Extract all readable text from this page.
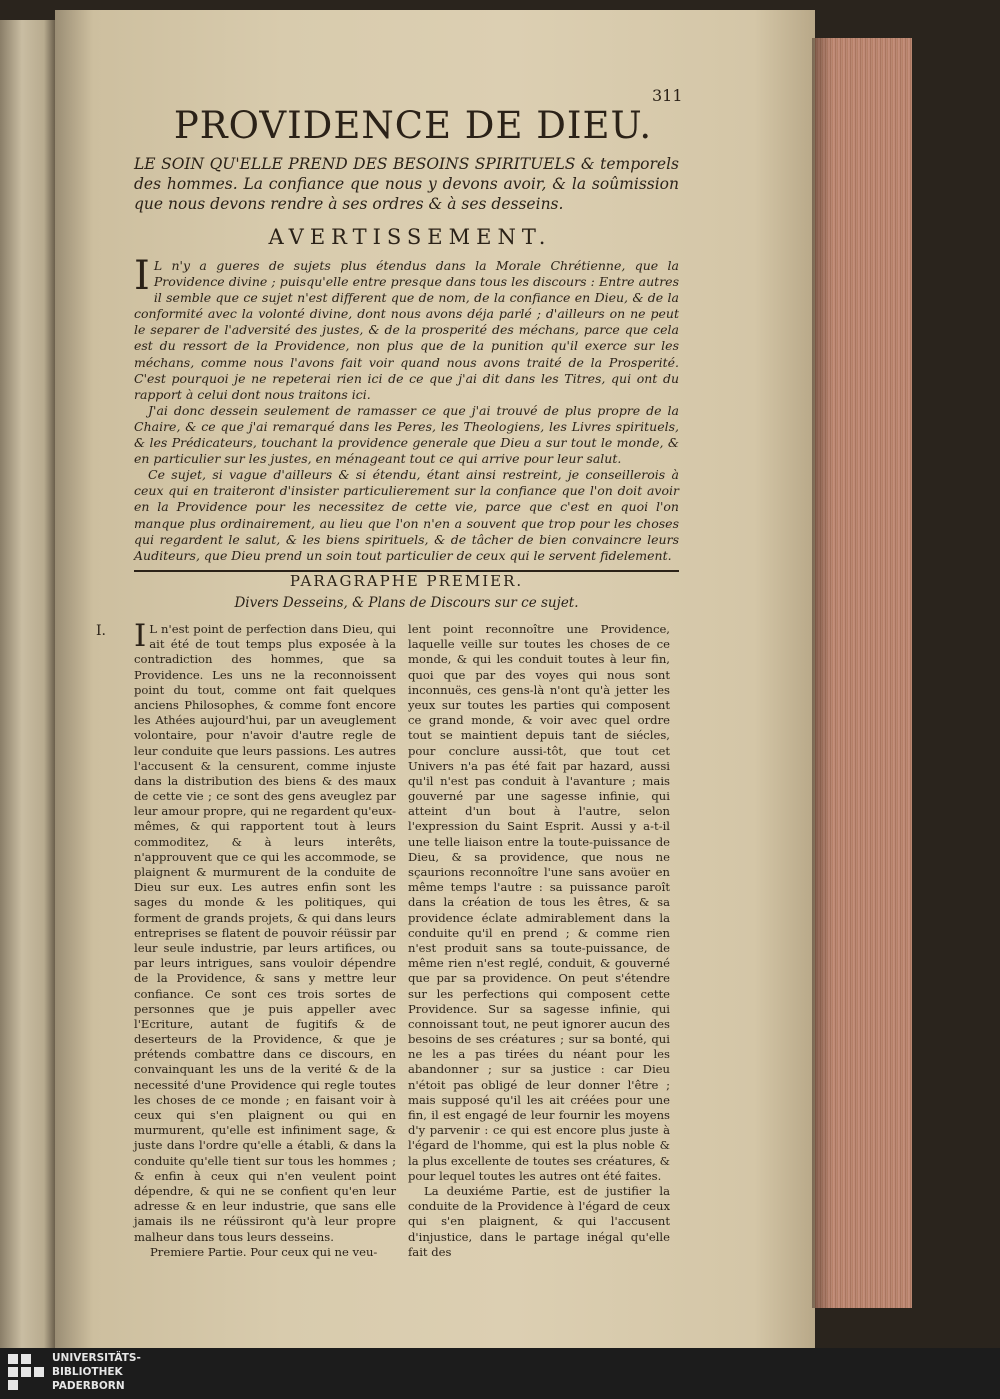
311
PROVIDENCE DE DIEU.
LE SOIN QU'ELLE PREND DES BESOINS SPIRITUELS & temporels des hommes. La confiance que nous y devons avoir, & la soûmission que nous devons rendre à ses ordres & à ses desseins.
AVERTISSEMENT.

I L n'y a gueres de sujets plus étendus dans la Morale Chrétienne, que la Providence divine ; puisqu'elle entre presque dans tous les discours : Entre autres il semble que ce sujet n'est different que de nom, de la confiance en Dieu, & de la conformité avec la volonté divine, dont nous avons déja parlé ; d'ailleurs on ne peut le separer de l'adversité des justes, & de la prosperité des méchans, parce que cela est du ressort de la Providence, non plus que de la punition qu'il exerce sur les méchans, comme nous l'avons fait voir quand nous avons traité de la Prosperité. C'est pourquoi je ne repeterai rien ici de ce que j'ai dit dans les Titres, qui ont du rapport à celui dont nous traitons ici.

J'ai donc dessein seulement de ramasser ce que j'ai trouvé de plus propre de la Chaire, & ce que j'ai remarqué dans les Peres, les Theologiens, les Livres spirituels, & les Prédicateurs, touchant la providence generale que Dieu a sur tout le monde, & en particulier sur les justes, en ménageant tout ce qui arrive pour leur salut.

Ce sujet, si vague d'ailleurs & si étendu, étant ainsi restreint, je conseillerois à ceux qui en traiteront d'insister particulierement sur la confiance que l'on doit avoir en la Providence pour les necessitez de cette vie, parce que c'est en quoi l'on manque plus ordinairement, au lieu que l'on n'en a souvent que trop pour les choses qui regardent le salut, & les biens spirituels, & de tâcher de bien convaincre leurs Auditeurs, que Dieu prend un soin tout particulier de ceux qui le servent fidelement.

PARAGRAPHE PREMIER.
Divers Desseins, & Plans de Discours sur ce sujet.
I. I L n'est point de perfection dans Dieu, qui ait été de tout temps plus exposée à la contradiction des hommes, que sa Providence. Les uns ne la reconnoissent point du tout, comme ont fait quelques anciens Philosophes, & comme font encore les Athées aujourd'hui, par un aveuglement volontaire, pour n'avoir d'autre regle de leur conduite que leurs passions. Les autres l'accusent & la censurent, comme injuste dans la distribution des biens & des maux de cette vie ; ce sont des gens aveuglez par leur amour propre, qui ne regardent qu'eux-mêmes, & qui rapportent tout à leurs commoditez, & à leurs interêts, n'approuvent que ce qui les accommode, se plaignent & murmurent de la conduite de Dieu sur eux. Les autres enfin sont les sages du monde & les politiques, qui forment de grands projets, & qui dans leurs entreprises se flatent de pouvoir réüssir par leur seule industrie, par leurs artifices, ou par leurs intrigues, sans vouloir dépendre de la Providence, & sans y mettre leur confiance. Ce sont ces trois sortes de personnes que je puis appeller avec l'Ecriture, autant de fugitifs & de deserteurs de la Providence, & que je prétends combattre dans ce discours, en convainquant les uns de la verité & de la necessité d'une Providence qui regle toutes les choses de ce monde ; en faisant voir à ceux qui s'en plaignent ou qui en murmurent, qu'elle est infiniment sage, & juste dans l'ordre qu'elle a établi, & dans la conduite qu'elle tient sur tous les hommes ; & enfin à ceux qui n'en veulent point dépendre, & qui ne se confient qu'en leur adresse & en leur industrie, que sans elle jamais ils ne réüssiront qu'à leur propre malheur dans tous leurs desseins.

Premiere Partie. Pour ceux qui ne veu-

lent point reconnoître une Providence, laquelle veille sur toutes les choses de ce monde, & qui les conduit toutes à leur fin, quoi que par des voyes qui nous sont inconnuës, ces gens-là n'ont qu'à jetter les yeux sur toutes les parties qui composent ce grand monde, & voir avec quel ordre tout se maintient depuis tant de siécles, pour conclure aussi-tôt, que tout cet Univers n'a pas été fait par hazard, aussi qu'il n'est pas conduit à l'avanture ; mais gouverné par une sagesse infinie, qui atteint d'un bout à l'autre, selon l'expression du Saint Esprit. Aussi y a-t-il une telle liaison entre la toute-puissance de Dieu, & sa providence, que nous ne sçaurions reconnoître l'une sans avoüer en même temps l'autre : sa puissance paroît dans la création de tous les êtres, & sa providence éclate admirablement dans la conduite qu'il en prend ; & comme rien n'est produit sans sa toute-puissance, de même rien n'est reglé, conduit, & gouverné que par sa providence. On peut s'étendre sur les perfections qui composent cette Providence. Sur sa sagesse infinie, qui connoissant tout, ne peut ignorer aucun des besoins de ses créatures ; sur sa bonté, qui ne les a pas tirées du néant pour les abandonner ; sur sa justice : car Dieu n'étoit pas obligé de leur donner l'être ; mais supposé qu'il les ait créées pour une fin, il est engagé de leur fournir les moyens d'y parvenir : ce qui est encore plus juste à l'égard de l'homme, qui est la plus noble & la plus excellente de toutes ses créatures, & pour lequel toutes les autres ont été faites.

La deuxiéme Partie, est de justifier la conduite de la Providence à l'égard de ceux qui s'en plaignent, & qui l'accusent d'injustice, dans le partage inégal qu'elle fait des

UNIVERSITÄTS-
BIBLIOTHEK
PADERBORN
